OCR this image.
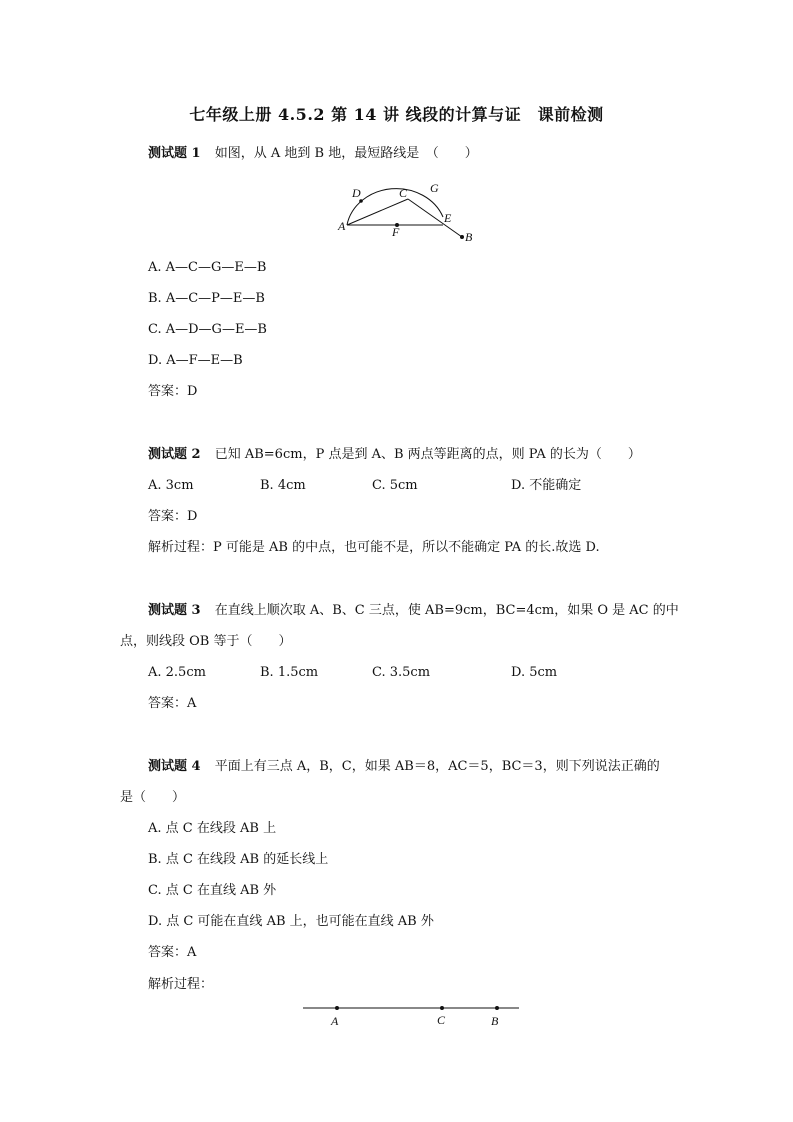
七年级上册 4.5.2 第 14 讲 线段的计算与证　课前检测
测试题 1 如图，从 A 地到 B 地，最短路线是　（　　）
D	C G
A	F
E
B
A. A—C—G—E—B
B. A—C—P—E—B
C. A—D—G—E—B
D. A—F—E—B
答案：D
测试题 2 已知 AB=6cm，P 点是到 A、B 两点等距离的点，则 PA 的长为（　　）
A. 3cm	B. 4cm	C. 5cm	D. 不能确定
答案：D
解析过程：P 可能是 AB 的中点，也可能不是，所以不能确定 PA 的长.故选 D.
测试题 3 在直线上顺次取 A、B、C 三点，使 AB=9cm，BC=4cm，如果 O 是 AC 的中
点，则线段 OB 等于（　　）
A. 2.5cm	B. 1.5cm	C. 3.5cm	D. 5cm
答案：A
测试题 4 平面上有三点 A，B，C，如果 AB＝8，AC＝5，BC＝3，则下列说法正确的
是（　　）
A. 点 C 在线段 AB 上
B. 点 C 在线段 AB 的延长线上
C. 点 C 在直线 AB 外
D. 点 C 可能在直线 AB 上，也可能在直线 AB 外
答案：A
解析过程：
A	C	B
